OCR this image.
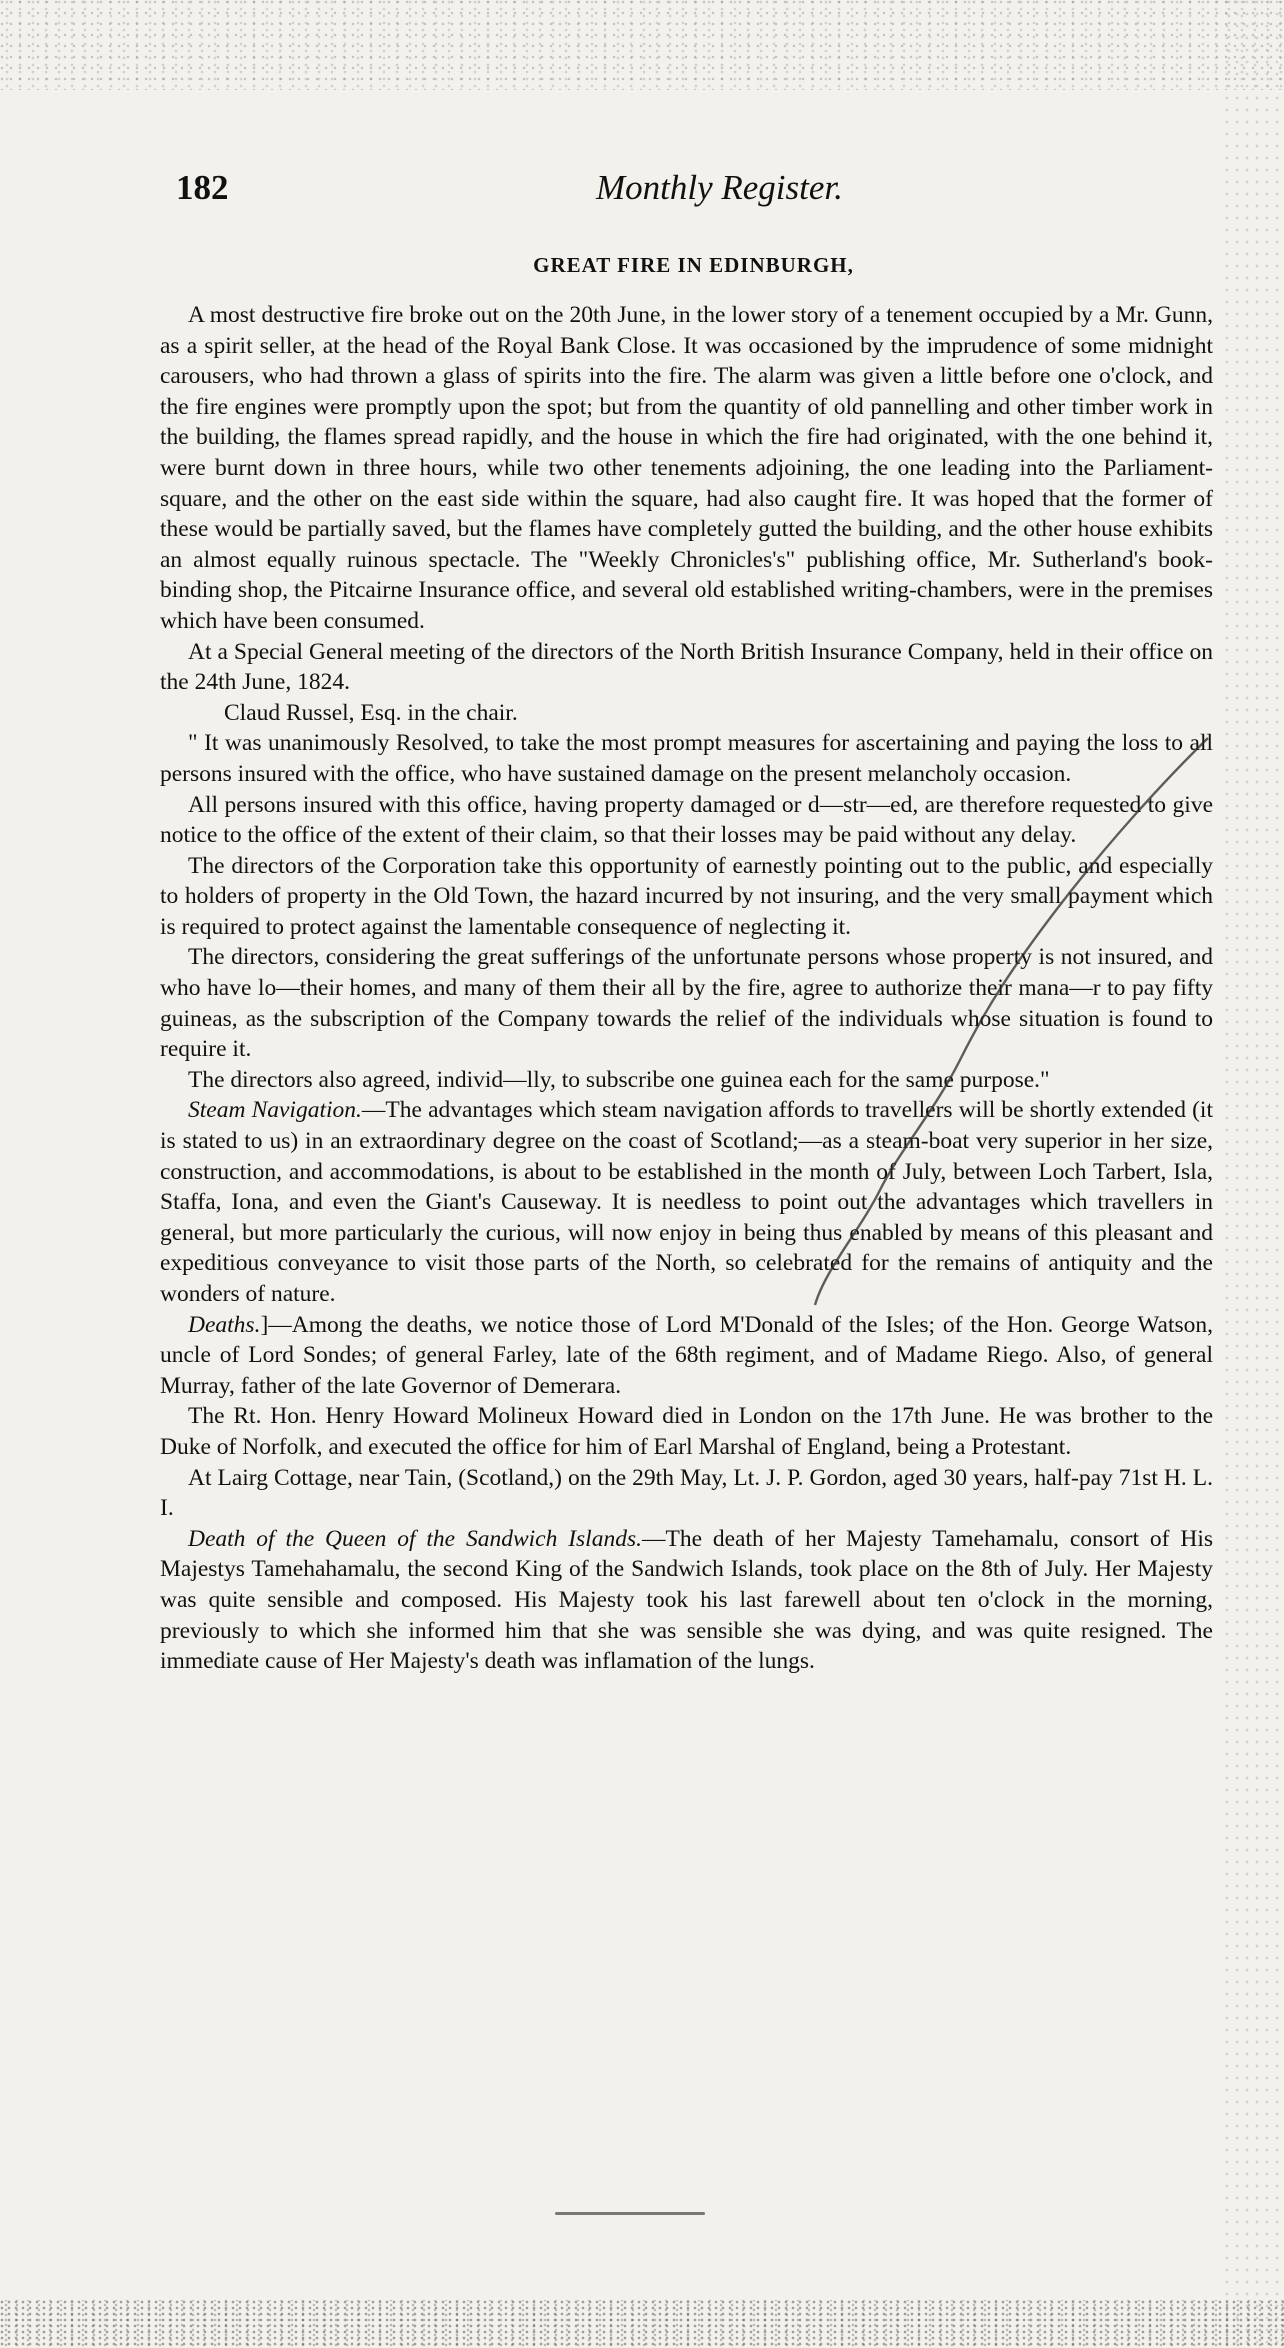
182	Monthly Register.
GREAT FIRE IN EDINBURGH,

A most destructive fire broke out on the 20th June, in the lower story of a tenement occupied by a Mr. Gunn, as a spirit seller, at the head of the Royal Bank Close. It was occasioned by the imprudence of some midnight carousers, who had thrown a glass of spirits into the fire. The alarm was given a little before one o'clock, and the fire engines were promptly upon the spot; but from the quantity of old pannelling and other timber work in the building, the flames spread rapidly, and the house in which the fire had originated, with the one behind it, were burnt down in three hours, while two other tenements adjoining, the one leading into the Parliament-square, and the other on the east side within the square, had also caught fire. It was hoped that the former of these would be partially saved, but the flames have completely gutted the building, and the other house exhibits an almost equally ruinous spectacle. The "Weekly Chronicles's" publishing office, Mr. Sutherland's book-binding shop, the Pitcairne Insurance office, and several old established writing-chambers, were in the premises which have been consumed.

At a Special General meeting of the directors of the North British Insurance Company, held in their office on the 24th June, 1824.

Claud Russel, Esq. in the chair.

" It was unanimously Resolved, to take the most prompt measures for ascertaining and paying the loss to all persons insured with the office, who have sustained damage on the present melancholy occasion.

All persons insured with this office, having property damaged or d—str—ed, are therefore requested to give notice to the office of the extent of their claim, so that their losses may be paid without any delay.

The directors of the Corporation take this opportunity of earnestly pointing out to the public, and especially to holders of property in the Old Town, the hazard incurred by not insuring, and the very small payment which is required to protect against the lamentable consequence of neglecting it.

The directors, considering the great sufferings of the unfortunate persons whose property is not insured, and who have lo—their homes, and many of them their all by the fire, agree to authorize their mana—r to pay fifty guineas, as the subscription of the Company towards the relief of the individuals whose situation is found to require it.

The directors also agreed, individ—lly, to subscribe one guinea each for the same purpose."

Steam Navigation.—The advantages which steam navigation affords to travellers will be shortly extended (it is stated to us) in an extraordinary degree on the coast of Scotland;—as a steam-boat very superior in her size, construction, and accommodations, is about to be established in the month of July, between Loch Tarbert, Isla, Staffa, Iona, and even the Giant's Causeway. It is needless to point out the advantages which travellers in general, but more particularly the curious, will now enjoy in being thus enabled by means of this pleasant and expeditious conveyance to visit those parts of the North, so celebrated for the remains of antiquity and the wonders of nature.

Deaths.]—Among the deaths, we notice those of Lord M'Donald of the Isles; of the Hon. George Watson, uncle of Lord Sondes; of general Farley, late of the 68th regiment, and of Madame Riego. Also, of general Murray, father of the late Governor of Demerara.

The Rt. Hon. Henry Howard Molineux Howard died in London on the 17th June. He was brother to the Duke of Norfolk, and executed the office for him of Earl Marshal of England, being a Protestant.

At Lairg Cottage, near Tain, (Scotland,) on the 29th May, Lt. J. P. Gordon, aged 30 years, half-pay 71st H. L. I.

Death of the Queen of the Sandwich Islands.—The death of her Majesty Tamehamalu, consort of His Majestys Tamehahamalu, the second King of the Sandwich Islands, took place on the 8th of July. Her Majesty was quite sensible and composed. His Majesty took his last farewell about ten o'clock in the morning, previously to which she informed him that she was sensible she was dying, and was quite resigned. The immediate cause of Her Majesty's death was inflamation of the lungs.
